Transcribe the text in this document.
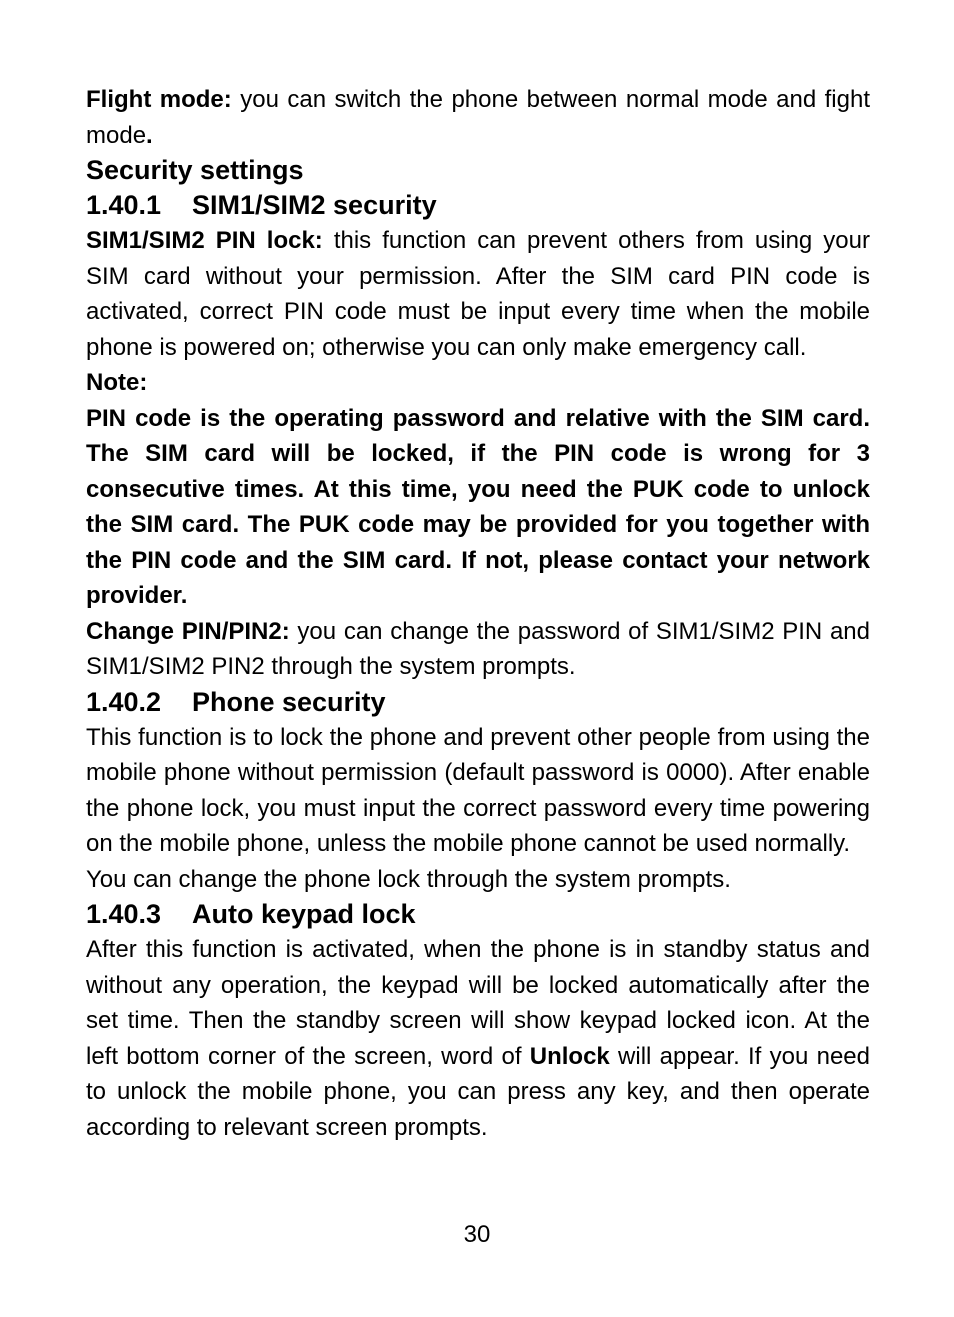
Flight mode: you can switch the phone between normal mode and fight mode.

Security settings
1.40.1 SIM1/SIM2 security

SIM1/SIM2 PIN lock: this function can prevent others from using your SIM card without your permission. After the SIM card PIN code is activated, correct PIN code must be input every time when the mobile phone is powered on; otherwise you can only make emergency call.

Note:

PIN code is the operating password and relative with the SIM card. The SIM card will be locked, if the PIN code is wrong for 3 consecutive times. At this time, you need the PUK code to unlock the SIM card. The PUK code may be provided for you together with the PIN code and the SIM card. If not, please contact your network provider.

Change PIN/PIN2: you can change the password of SIM1/SIM2 PIN and SIM1/SIM2 PIN2 through the system prompts.

1.40.2 Phone security

This function is to lock the phone and prevent other people from using the mobile phone without permission (default password is 0000). After enable the phone lock, you must input the correct password every time powering on the mobile phone, unless the mobile phone cannot be used normally.

You can change the phone lock through the system prompts.

1.40.3 Auto keypad lock

After this function is activated, when the phone is in standby status and without any operation, the keypad will be locked automatically after the set time. Then the standby screen will show keypad locked icon. At the left bottom corner of the screen, word of Unlock will appear. If you need to unlock the mobile phone, you can press any key, and then operate according to relevant screen prompts.

30
